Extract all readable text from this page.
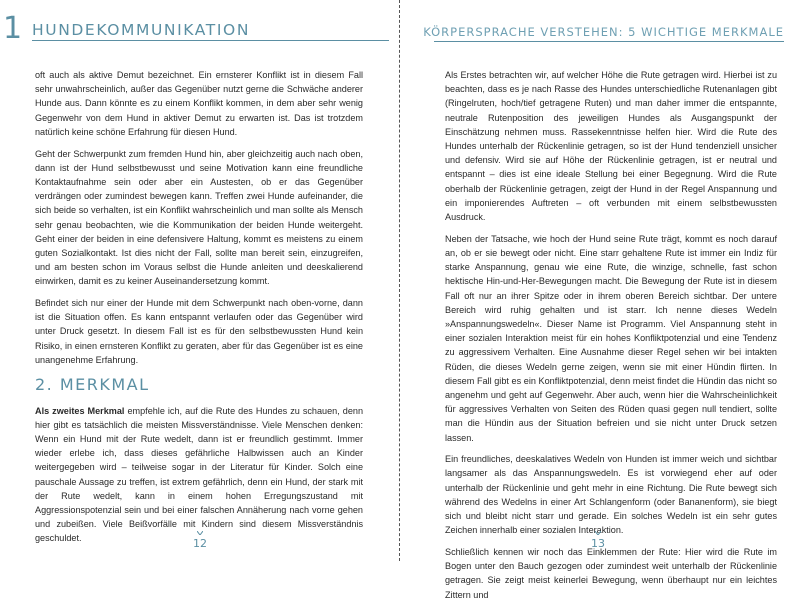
1 HUNDEKOMMUNIKATION

oft auch als aktive Demut bezeichnet. Ein ernsterer Konflikt ist in diesem Fall sehr unwahrscheinlich, außer das Gegenüber nutzt gerne die Schwäche anderer Hunde aus. Dann könnte es zu einem Konflikt kommen, in dem aber sehr wenig Gegenwehr von dem Hund in aktiver Demut zu erwarten ist. Das ist trotzdem natürlich keine schöne Erfahrung für diesen Hund.

Geht der Schwerpunkt zum fremden Hund hin, aber gleichzeitig auch nach oben, dann ist der Hund selbstbewusst und seine Motivation kann eine freundliche Kontaktaufnahme sein oder aber ein Austesten, ob er das Gegenüber verdrängen oder zumindest bewegen kann. Treffen zwei Hunde aufeinander, die sich beide so verhalten, ist ein Konflikt wahrscheinlich und man sollte als Mensch sehr genau beobachten, wie die Kommunikation der beiden Hunde weitergeht. Geht einer der beiden in eine defensivere Haltung, kommt es meistens zu einem guten Sozialkontakt. Ist dies nicht der Fall, sollte man bereit sein, einzugreifen, und am besten schon im Voraus selbst die Hunde anleiten und deeskalierend einwirken, damit es zu keiner Auseinandersetzung kommt.

Befindet sich nur einer der Hunde mit dem Schwerpunkt nach oben-vorne, dann ist die Situation offen. Es kann entspannt verlaufen oder das Gegenüber wird unter Druck gesetzt. In diesem Fall ist es für den selbstbewussten Hund kein Risiko, in einen ernsteren Konflikt zu geraten, aber für das Gegenüber ist es eine unangenehme Erfahrung.

2. MERKMAL

Als zweites Merkmal empfehle ich, auf die Rute des Hundes zu schauen, denn hier gibt es tatsächlich die meisten Missverständnisse. Viele Menschen denken: Wenn ein Hund mit der Rute wedelt, dann ist er freundlich gestimmt. Immer wieder erlebe ich, dass dieses gefährliche Halbwissen auch an Kinder weitergegeben wird – teilweise sogar in der Literatur für Kinder. Solch eine pauschale Aussage zu treffen, ist extrem gefährlich, denn ein Hund, der stark mit der Rute wedelt, kann in einem hohen Erregungszustand mit Aggressionspotenzial sein und bei einer falschen Annäherung nach vorne gehen und zubeißen. Viele Beißvorfälle mit Kindern sind diesem Missverständnis geschuldet.	12
KÖRPERSPRACHE VERSTEHEN: 5 WICHTIGE MERKMALE

Als Erstes betrachten wir, auf welcher Höhe die Rute getragen wird. Hierbei ist zu beachten, dass es je nach Rasse des Hundes unterschiedliche Rutenanlagen gibt (Ringelruten, hoch/tief getragene Ruten) und man daher immer die entspannte, neutrale Rutenposition des jeweiligen Hundes als Ausgangspunkt der Einschätzung nehmen muss. Rassekenntnisse helfen hier. Wird die Rute des Hundes unterhalb der Rückenlinie getragen, so ist der Hund tendenziell unsicher und defensiv. Wird sie auf Höhe der Rückenlinie getragen, ist er neutral und entspannt – dies ist eine ideale Stellung bei einer Begegnung. Wird die Rute oberhalb der Rückenlinie getragen, zeigt der Hund in der Regel Anspannung und ein imponierendes Auftreten – oft verbunden mit einem selbstbewussten Ausdruck.

Neben der Tatsache, wie hoch der Hund seine Rute trägt, kommt es noch darauf an, ob er sie bewegt oder nicht. Eine starr gehaltene Rute ist immer ein Indiz für starke Anspannung, genau wie eine Rute, die winzige, schnelle, fast schon hektische Hin-und-Her-Bewegungen macht. Die Bewegung der Rute ist in diesem Fall oft nur an ihrer Spitze oder in ihrem oberen Bereich sichtbar. Der untere Bereich wird ruhig gehalten und ist starr. Ich nenne dieses Wedeln »Anspannungswedeln«. Dieser Name ist Programm. Viel Anspannung steht in einer sozialen Interaktion meist für ein hohes Konfliktpotenzial und eine Tendenz zu aggressivem Verhalten. Eine Ausnahme dieser Regel sehen wir bei intakten Rüden, die dieses Wedeln gerne zeigen, wenn sie mit einer Hündin flirten. In diesem Fall gibt es ein Konfliktpotenzial, denn meist findet die Hündin das nicht so angenehm und geht auf Gegenwehr. Aber auch, wenn hier die Wahrscheinlichkeit für aggressives Verhalten von Seiten des Rüden quasi gegen null tendiert, sollte man die Hündin aus der Situation befreien und sie nicht unter Druck setzen lassen.

Ein freundliches, deeskalatives Wedeln von Hunden ist immer weich und sichtbar langsamer als das Anspannungswedeln. Es ist vorwiegend eher auf oder unterhalb der Rückenlinie und geht mehr in eine Richtung. Die Rute bewegt sich während des Wedelns in einer Art Schlangenform (oder Bananenform), sie biegt sich und bleibt nicht starr und gerade. Ein solches Wedeln ist ein sehr gutes Zeichen innerhalb einer sozialen Interaktion.

Schließlich kennen wir noch das Einklemmen der Rute: Hier wird die Rute im Bogen unter den Bauch gezogen oder zumindest weit unterhalb der Rückenlinie getragen. Sie zeigt meist keinerlei Bewegung, wenn überhaupt nur ein leichtes Zittern und

13
